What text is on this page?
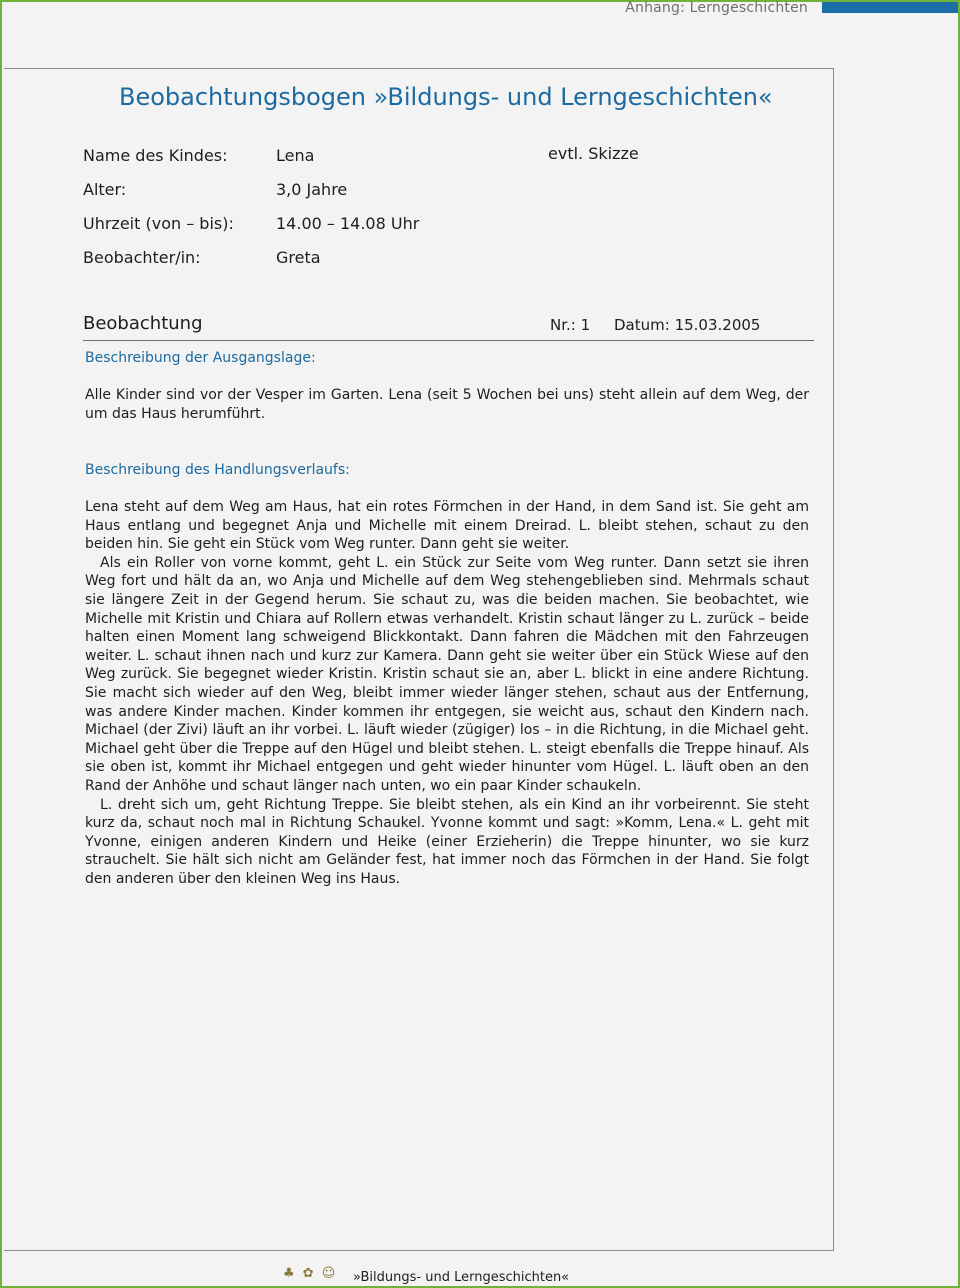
Anhang: Lerngeschichten
Beobachtungsbogen »Bildungs- und Lerngeschichten«
Name des Kindes:	Lena
Alter:	3,0 Jahre
Uhrzeit (von – bis):	14.00 – 14.08 Uhr
Beobachter/in:	Greta
evtl. Skizze
Beobachtung	Nr.: 1 Datum: 15.03.2005
Beschreibung der Ausgangslage:

Alle Kinder sind vor der Vesper im Garten. Lena (seit 5 Wochen bei uns) steht allein auf dem Weg, der um das Haus herumführt.

Beschreibung des Handlungsverlaufs:

Lena steht auf dem Weg am Haus, hat ein rotes Förmchen in der Hand, in dem Sand ist. Sie geht am Haus entlang und begegnet Anja und Michelle mit einem Dreirad. L. bleibt stehen, schaut zu den beiden hin. Sie geht ein Stück vom Weg runter. Dann geht sie weiter.

Als ein Roller von vorne kommt, geht L. ein Stück zur Seite vom Weg runter. Dann setzt sie ihren Weg fort und hält da an, wo Anja und Michelle auf dem Weg stehengeblieben sind. Mehrmals schaut sie längere Zeit in der Gegend herum. Sie schaut zu, was die beiden machen. Sie beobachtet, wie Michelle mit Kristin und Chiara auf Rollern etwas verhandelt. Kristin schaut länger zu L. zurück – beide halten einen Moment lang schweigend Blickkontakt. Dann fahren die Mädchen mit den Fahrzeugen weiter. L. schaut ihnen nach und kurz zur Kamera. Dann geht sie weiter über ein Stück Wiese auf den Weg zurück. Sie begegnet wieder Kristin. Kristin schaut sie an, aber L. blickt in eine andere Richtung. Sie macht sich wieder auf den Weg, bleibt immer wieder länger stehen, schaut aus der Entfernung, was andere Kinder machen. Kinder kommen ihr entgegen, sie weicht aus, schaut den Kindern nach. Michael (der Zivi) läuft an ihr vorbei. L. läuft wieder (zügiger) los – in die Richtung, in die Michael geht. Michael geht über die Treppe auf den Hügel und bleibt stehen. L. steigt ebenfalls die Treppe hinauf. Als sie oben ist, kommt ihr Michael entgegen und geht wieder hinunter vom Hügel. L. läuft oben an den Rand der Anhöhe und schaut länger nach unten, wo ein paar Kinder schaukeln.

L. dreht sich um, geht Richtung Treppe. Sie bleibt stehen, als ein Kind an ihr vorbeirennt. Sie steht kurz da, schaut noch mal in Richtung Schaukel. Yvonne kommt und sagt: »Komm, Lena.« L. geht mit Yvonne, einigen anderen Kindern und Heike (einer Erzieherin) die Treppe hinunter, wo sie kurz strauchelt. Sie hält sich nicht am Geländer fest, hat immer noch das Förmchen in der Hand. Sie folgt den anderen über den kleinen Weg ins Haus.

♣ ✿ ☺ »Bildungs- und Lerngeschichten«
